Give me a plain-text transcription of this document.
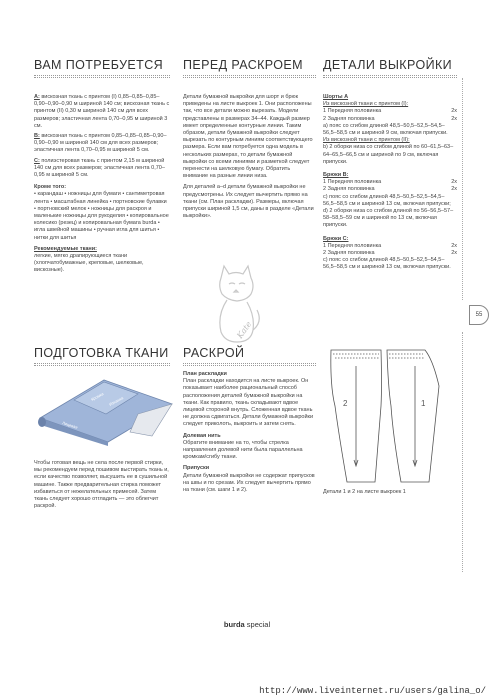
ВАМ ПОТРЕБУЕТСЯ

A: вискозная ткань с принтом (I) 0,85–0,85–0,85–0,90–0,90–0,90 м шириной 140 см; вискозная ткань с принтом (II) 0,30 м шириной 140 см для всех размеров; эластичная лента 0,70–0,95 м шириной 3 см.

B: вискозная ткань с принтом 0,85–0,85–0,85–0,90–0,90–0,90 м шириной 140 см для всех размеров; эластичная лента 0,70–0,95 м шириной 5 см.

C: полиэстеровая ткань с принтом 2,15 м шириной 140 см для всех размеров; эластичная лента 0,70–0,95 м шириной 5 см.

Кроме того:

• карандаш • ножницы для бумаги • сантиметровая лента • масштабная линейка • портновские булавки • портновский мелок • ножницы для раскроя и маленькие ножницы для рукоделия • копировальное колесико (резец) и копировальная бумага burda • игла швейной машины • ручная игла для шитья • нитки для шитья

Рекомендуемые ткани:

легкие, мягко драпирующиеся ткани (хлопчатобумажные, креповые, шелковые, вискозные).

ПЕРЕД РАСКРОЕМ

Детали бумажной выкройки для шорт и брюк приведены на листе выкроек 1. Они расположены так, что все детали можно вырезать. Модели представлены в размерах 34–44. Каждый размер имеет определенные контурные линии. Таким образом, детали бумажной выкройки следует вырезать по контурным линиям соответствующего размера. Если вам потребуется одна модель в нескольких размерах, то детали бумажной выкройки со всеми линиями и разметкой следует перенести на шелковую бумагу. Обратить внимание на разные линии низа.

Для деталей a–d детали бумажной выкройки не предусмотрены. Их следует вычертить прямо на ткани (см. План раскладки). Размеры, включая припуски шириной 1,5 см, даны в разделе «Детали выкройки».

ДЕТАЛИ ВЫКРОЙКИ

Шорты A

Из вискозной ткани с принтом (I):

1 Передняя половинка	2x
2 Задняя половинка	2x

a) пояс со сгибом длиной 48,5–50,5–52,5–54,5–56,5–58,5 см и шириной 9 см, включая припуски.

Из вискозной ткани с принтом (II):

b) 2 оборки низа со сгибом длиной по 60–61,5–63–64–65,5–66,5 см и шириной по 9 см, включая припуски.

Брюки B:

1 Передняя половинка	2x
2 Задняя половинка	2x

c) пояс со сгибом длиной 48,5–50,5–52,5–54,5–56,5–58,5 см и шириной 13 см, включая припуски;

d) 2 оборки низа со сгибом длиной по 56–56,5–57–58–58,5–59 см и шириной по 13 см, включая припуски.

Брюки C:

1 Передняя половинка	2x
2 Задняя половинка	2x

c) пояс со сгибом длиной 48,5–50,5–52,5–54,5–56,5–58,5 см и шириной 13 см, включая припуски.

55
Kate
ПОДГОТОВКА ТКАНИ
Кромки Изнанка
Лицевая
Чтобы готовая вещь не села после первой стирки, мы рекомендуем перед пошивом выстирать ткань и, если качество позволяет, высушить ее в сушильной машине. Также предварительная стирка поможет избавиться от нежелательных примесей. Затем ткань следует хорошо отгладить — это облегчит раскрой.
РАСКРОЙ

План раскладки

План раскладки находится на листе выкроек. Он показывает наиболее рациональный способ расположения деталей бумажной выкройки на ткани. Как правило, ткань складывают вдвое лицевой стороной внутрь. Сложенная вдвое ткань не должна сдвигаться. Детали бумажной выкройки следует приколоть, выкроить и затем снять.

Долевая нить

Обратите внимание на то, чтобы стрелка направления долевой нити была параллельна кромкам/сгибу ткани.

Припуски

Детали бумажной выкройки не содержат припусков на швы и по срезам. Их следует вычертить прямо на ткани (см. шаги 1 и 2).

2	1
Детали 1 и 2 на листе выкроек 1
burda special
http://www.liveinternet.ru/users/galina_o/
